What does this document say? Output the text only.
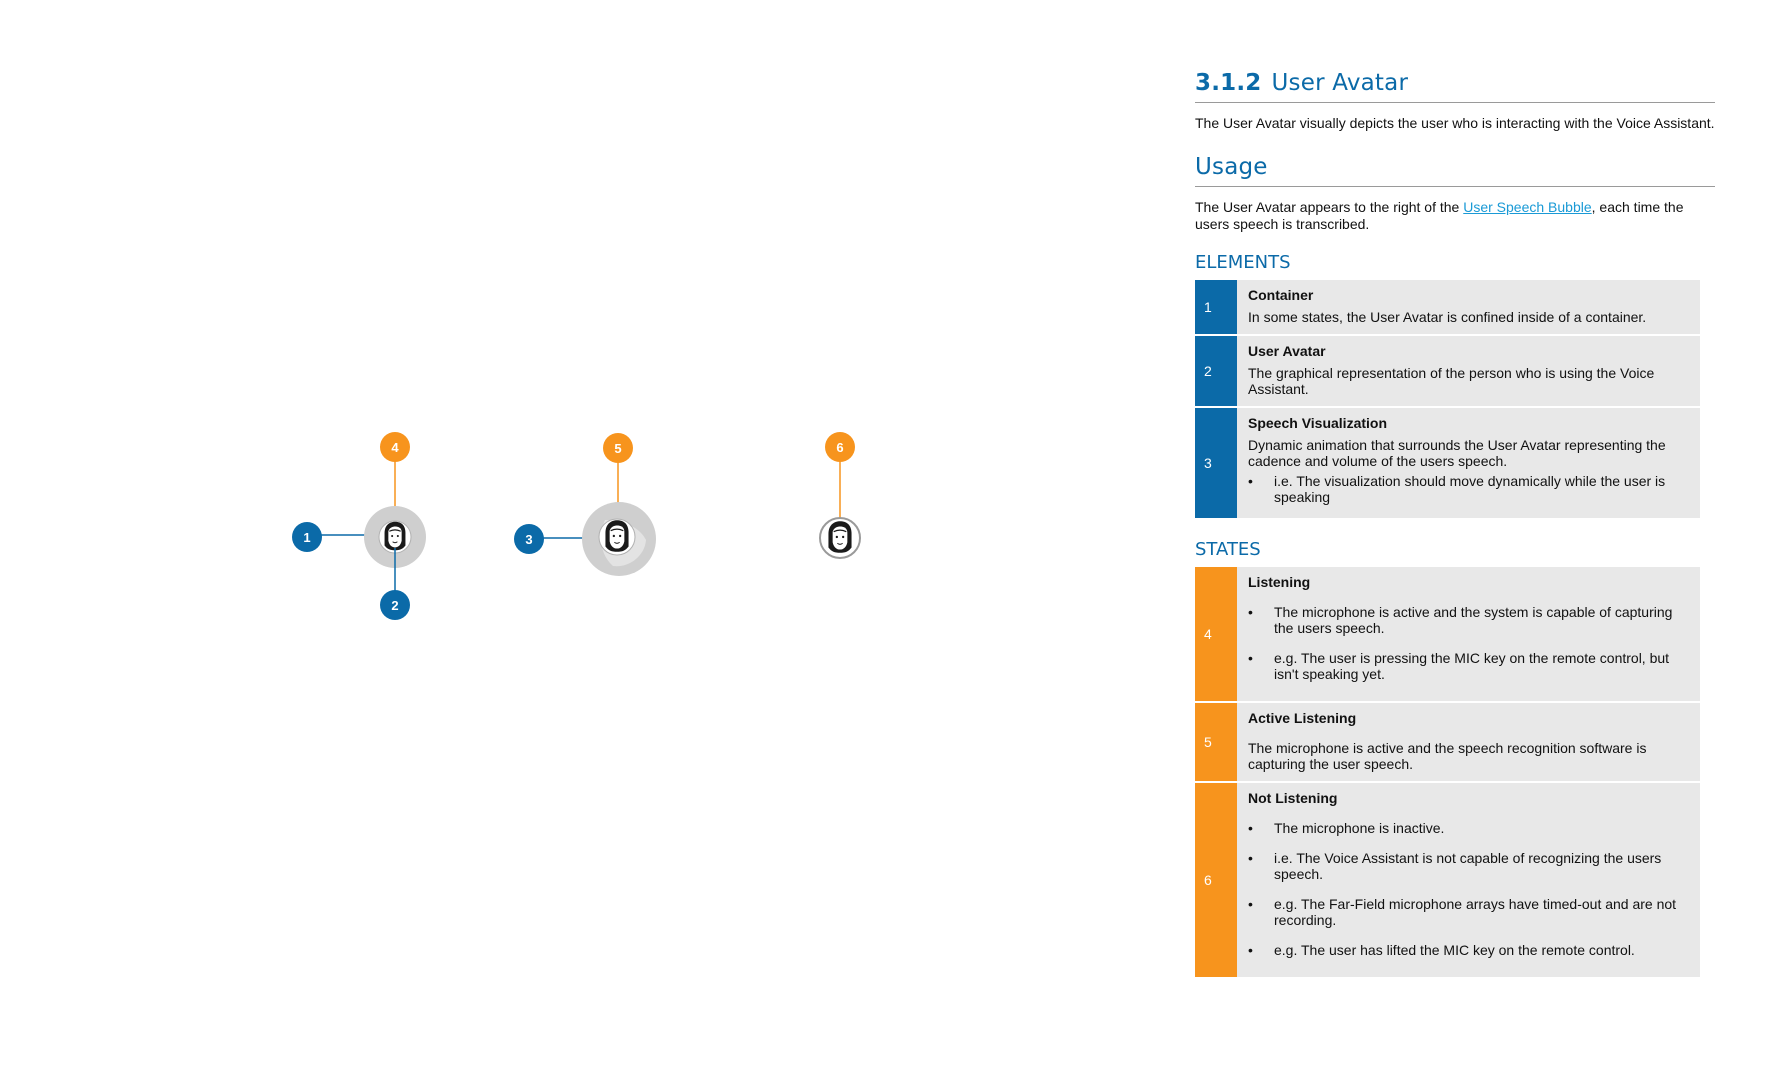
4
1
2
5
3
6
3.1.2 User Avatar

The User Avatar visually depicts the user who is interacting with the Voice Assistant.

Usage

The User Avatar appears to the right of the User Speech Bubble, each time the users speech is transcribed.

ELEMENTS
1

Container

In some states, the User Avatar is confined inside of a container.

2

User Avatar

The graphical representation of the person who is using the Voice Assistant.

3

Speech Visualization

Dynamic animation that surrounds the User Avatar representing the cadence and volume of the users speech.

• i.e. The visualization should move dynamically while the user is speaking
STATES
4

Listening

• The microphone is active and the system is capable of capturing the users speech.
• e.g. The user is pressing the MIC key on the remote control, but isn't speaking yet.
5

Active Listening

The microphone is active and the speech recognition software is capturing the user speech.

6

Not Listening

• The microphone is inactive.
• i.e. The Voice Assistant is not capable of recognizing the users speech.
• e.g. The Far-Field microphone arrays have timed-out and are not recording.
• e.g. The user has lifted the MIC key on the remote control.
